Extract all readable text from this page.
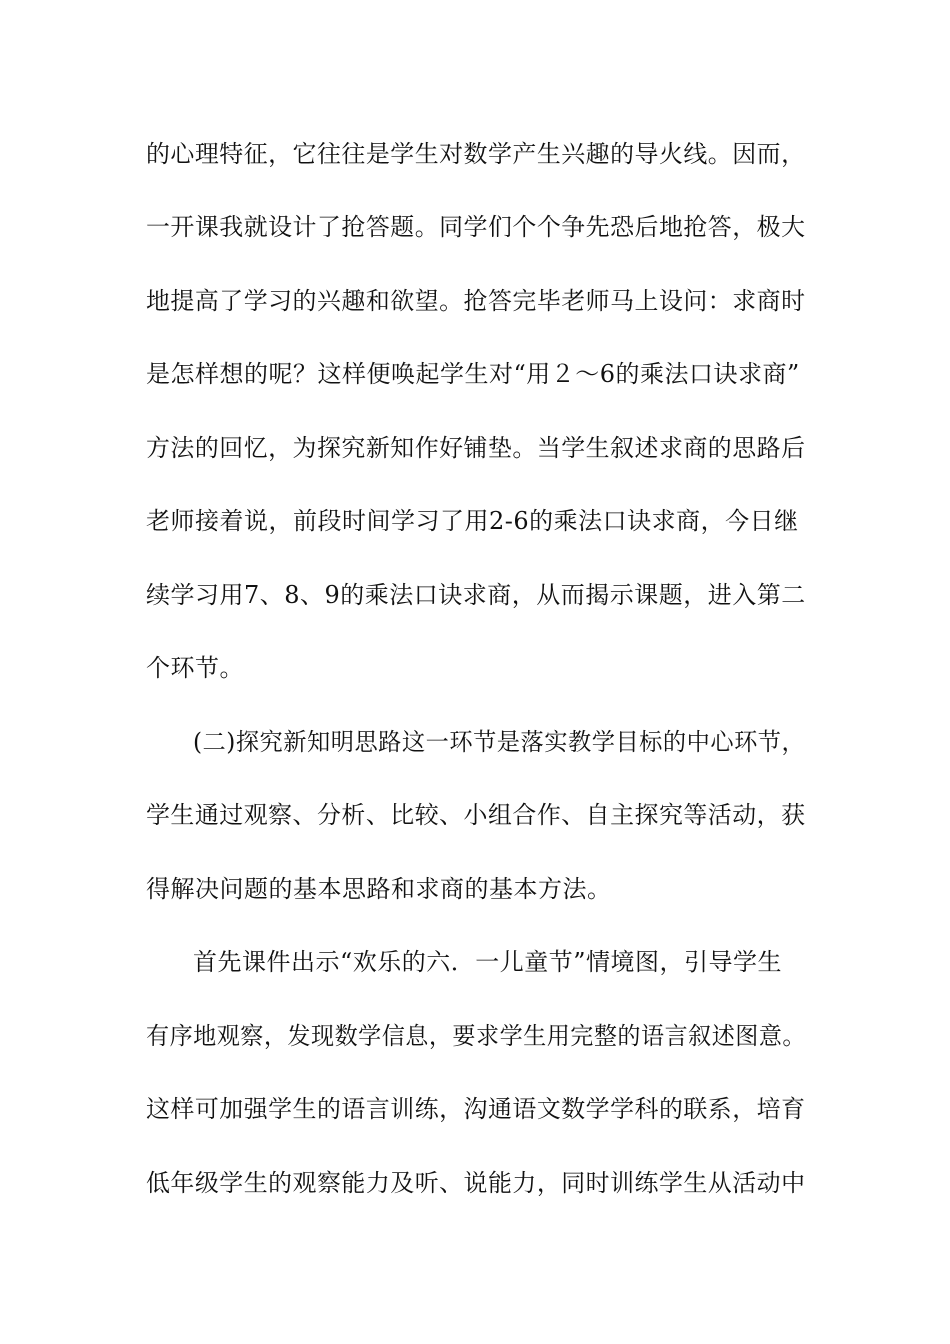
的心理特征，它往往是学生对数学产生兴趣的导火线。因而，
一开课我就设计了抢答题。同学们个个争先恐后地抢答，极大
地提高了学习的兴趣和欲望。抢答完毕老师马上设问：求商时
是怎样想的呢？这样便唤起学生对“用２～6的乘法口诀求商”
方法的回忆，为探究新知作好铺垫。当学生叙述求商的思路后
老师接着说，前段时间学习了用2-6的乘法口诀求商，今日继
续学习用7、8、9的乘法口诀求商，从而揭示课题，进入第二
个环节。
(二)探究新知明思路这一环节是落实教学目标的中心环节，
学生通过观察、分析、比较、小组合作、自主探究等活动，获
得解决问题的基本思路和求商的基本方法。
首先课件出示“欢乐的六．一儿童节”情境图，引导学生
有序地观察，发现数学信息，要求学生用完整的语言叙述图意。
这样可加强学生的语言训练，沟通语文数学学科的联系，培育
低年级学生的观察能力及听、说能力，同时训练学生从活动中
